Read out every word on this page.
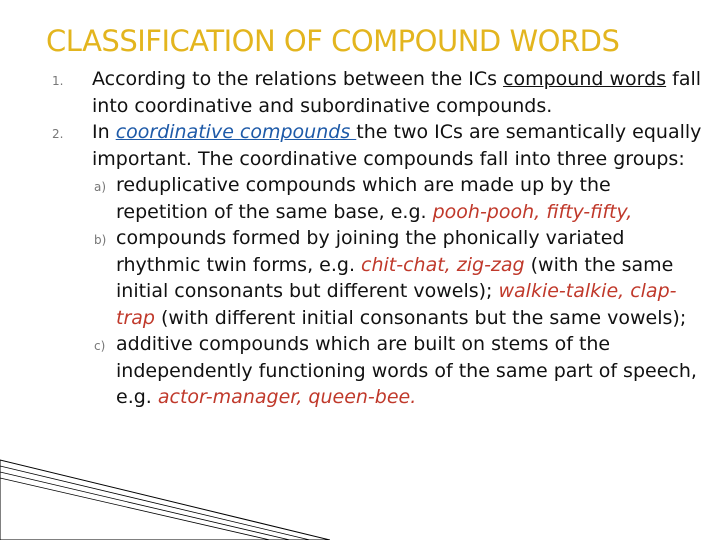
CLASSIFICATION OF COMPOUND WORDS
1. According to the relations between the ICs compound words fall into coordinative and subordinative compounds.
2. In coordinative compounds the two ICs are semantically equally important. The coordinative compounds fall into three groups:
a) reduplicative compounds which are made up by the repetition of the same base, e.g. pooh-pooh, fifty-fifty,
b) compounds formed by joining the phonically variated rhythmic twin forms, e.g. chit-chat, zig-zag (with the same initial consonants but different vowels); walkie-talkie, clap-trap (with different initial consonants but the same vowels);
c) additive compounds which are built on stems of the independently functioning words of the same part of speech, e.g. actor-manager, queen-bee.
